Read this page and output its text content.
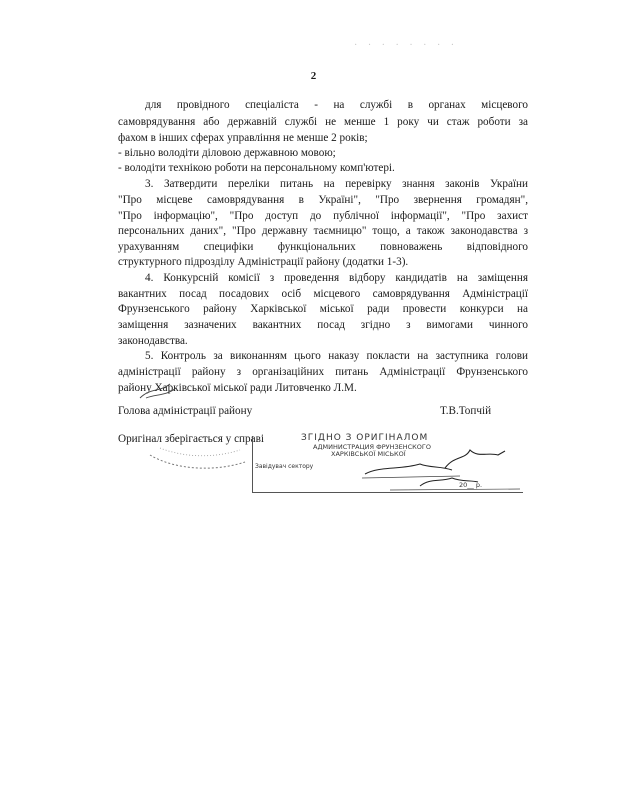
· · · · · · · ·
2
для провідного спеціаліста - на службі в органах місцевого
самоврядування або державній службі не менше 1 року чи стаж роботи за
фахом в інших сферах управління не менше 2 років;
- вільно володіти діловою державною мовою;
- володіти технікою роботи на персональному комп'ютері.
3. Затвердити переліки питань на перевірку знання законів України
"Про місцеве самоврядування в Україні", "Про звернення громадян",
"Про інформацію", "Про доступ до публічної інформації", "Про захист
персональних даних", "Про державну таємницю" тощо, а також законодавства з
урахуванням специфіки функціональних повноважень відповідного
структурного підрозділу Адміністрації району (додатки 1-3).
4. Конкурсній комісії з проведення відбору кандидатів на заміщення
вакантних посад посадових осіб місцевого самоврядування Адміністрації
Фрунзенського району Харківської міської ради провести конкурси на
заміщення зазначених вакантних посад згідно з вимогами чинного
законодавства.
5. Контроль за виконанням цього наказу покласти на заступника голови
адміністрації району з організаційних питань Адміністрації Фрунзенського
району Харківської міської ради Литовченко Л.М.
Голова адміністрації району	Т.В.Топчій
Оригінал зберігається у справі	ЗГІДНО З ОРИГІНАЛОМ
АДМИНИСТРАЦИЯ ФРУНЗЕНСКОГО
ХАРКІВСЬКОЇ МІСЬКОЇ
Завідувач сектору
20__ р.
